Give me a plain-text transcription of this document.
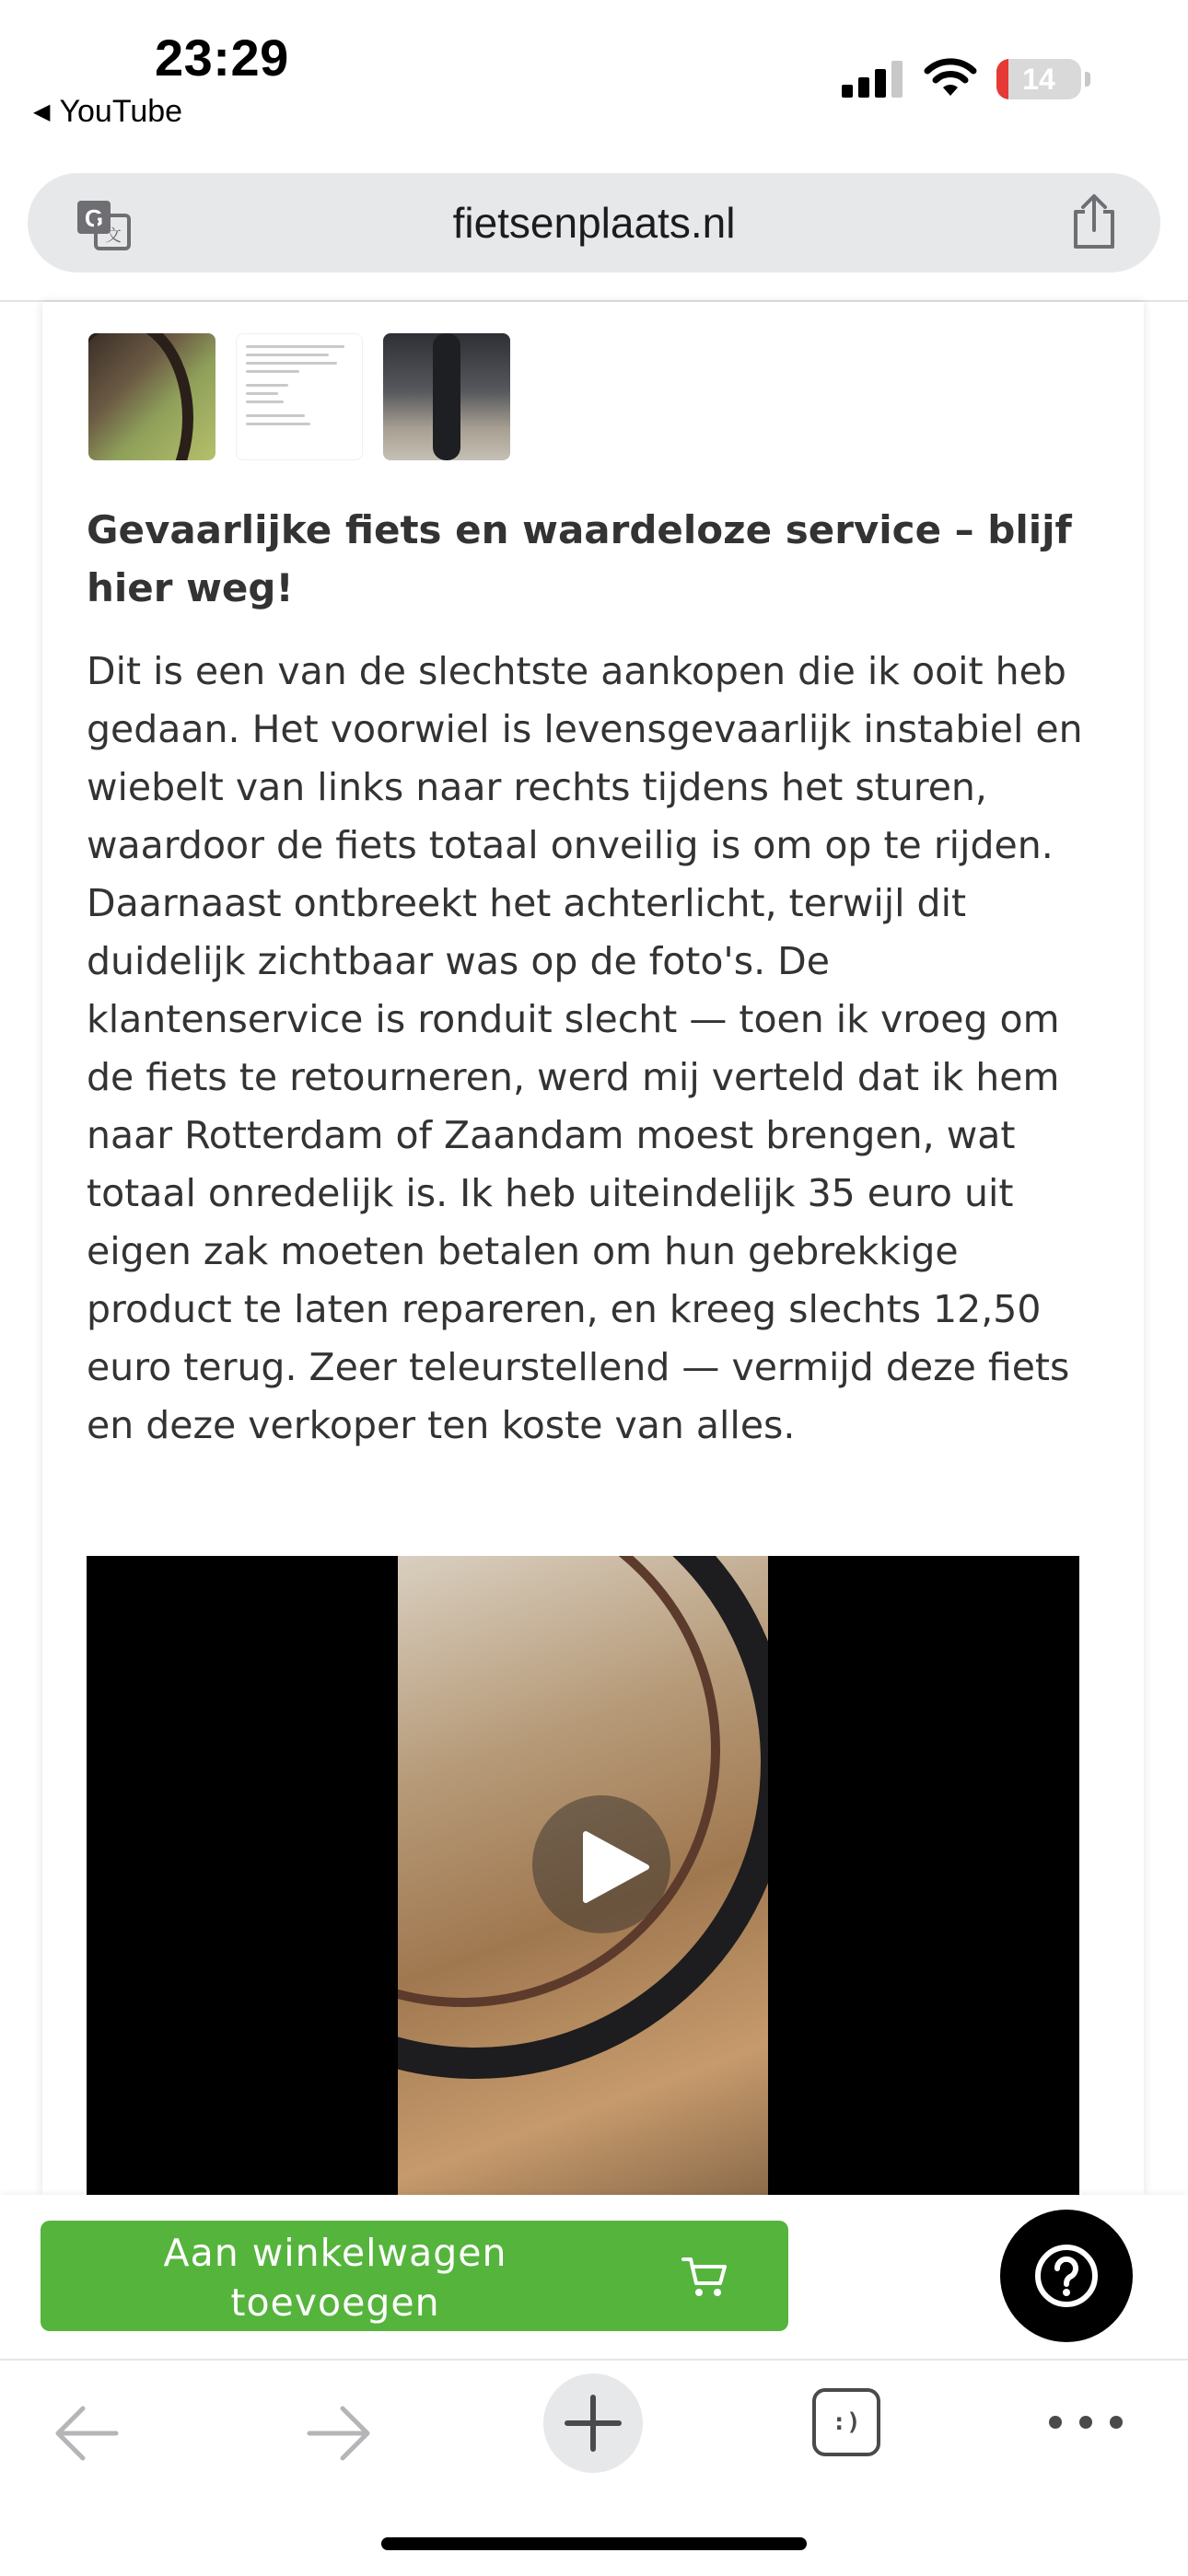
23:29
◀ YouTube
14
G
文	fietsenplaats.nl
Gevaarlijke fiets en waardeloze service – blijf hier weg!

Dit is een van de slechtste aankopen die ik ooit heb gedaan. Het voorwiel is levensgevaarlijk instabiel en wiebelt van links naar rechts tijdens het sturen, waardoor de fiets totaal onveilig is om op te rijden. Daarnaast ontbreekt het achterlicht, terwijl dit duidelijk zichtbaar was op de foto's. De klantenservice is ronduit slecht — toen ik vroeg om de fiets te retourneren, werd mij verteld dat ik hem naar Rotterdam of Zaandam moest brengen, wat totaal onredelijk is. Ik heb uiteindelijk 35 euro uit eigen zak moeten betalen om hun gebrekkige product te laten repareren, en kreeg slechts 12,50 euro terug. Zeer teleurstellend — vermijd deze fiets en deze verkoper ten koste van alles.

Aan winkelwagen toevoegen
:)
